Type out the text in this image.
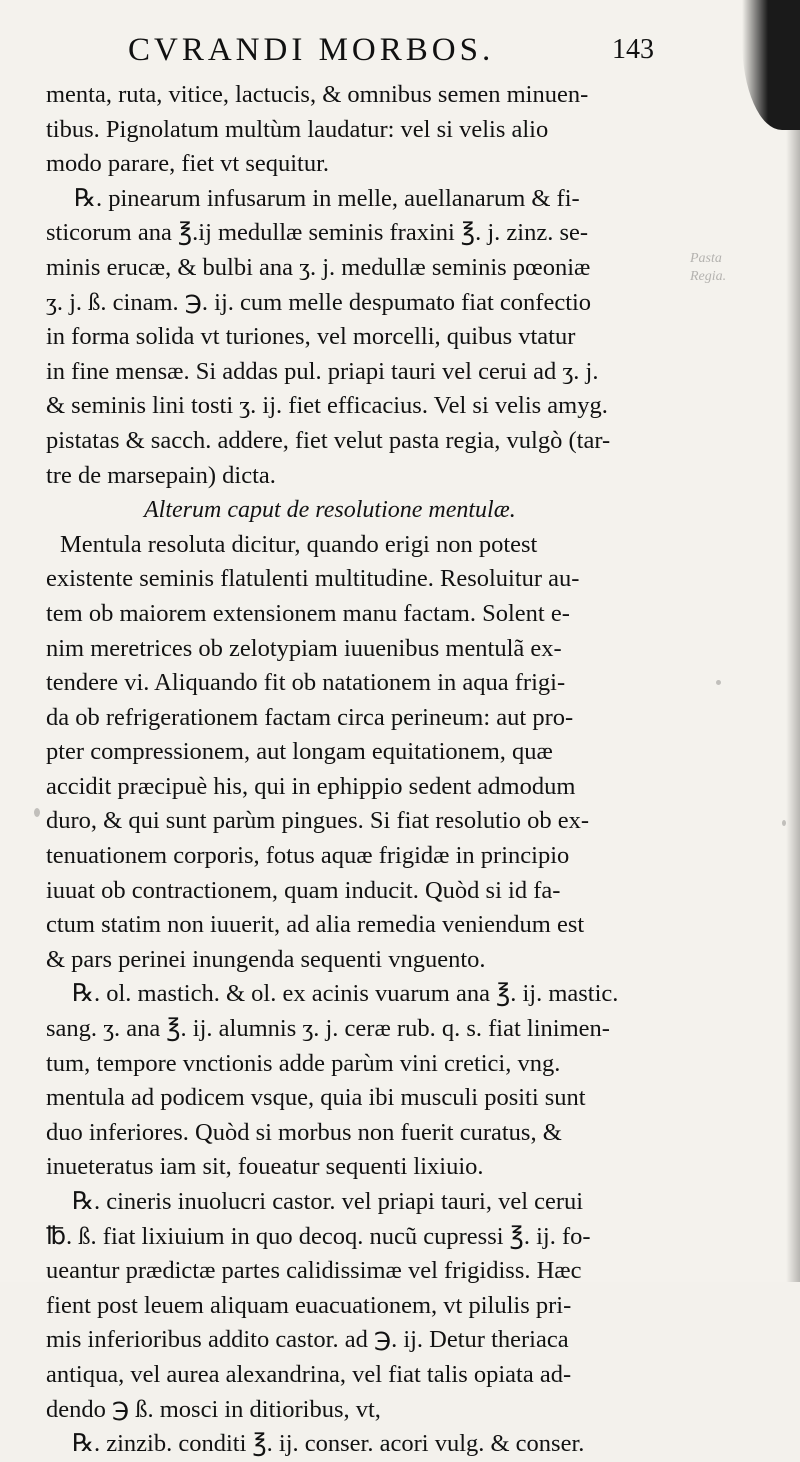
CVRANDI MORBOS.	143
Pasta
Regia.
menta, ruta, vitice, lactucis, & omnibus semen minuen-
tibus. Pignolatum multùm laudatur: vel si velis alio
modo parare, fiet vt sequitur.
℞. pinearum infusarum in melle, auellanarum & fi-
sticorum ana ℥.ij medullæ seminis fraxini ℥. j. zinz. se-
minis erucæ, & bulbi ana ʒ. j. medullæ seminis pœoniæ
ʒ. j. ß. cinam. ℈. ij. cum melle despumato fiat confectio
in forma solida vt turiones, vel morcelli, quibus vtatur
in fine mensæ. Si addas pul. priapi tauri vel cerui ad ʒ. j.
& seminis lini tosti ʒ. ij. fiet efficacius. Vel si velis amyg.
pistatas & sacch. addere, fiet velut pasta regia, vulgò (tar-
tre de marsepain) dicta.
Alterum caput de resolutione mentulæ.
Mentula resoluta dicitur, quando erigi non potest
existente seminis flatulenti multitudine. Resoluitur au-
tem ob maiorem extensionem manu factam. Solent e-
nim meretrices ob zelotypiam iuuenibus mentulã ex-
tendere vi. Aliquando fit ob natationem in aqua frigi-
da ob refrigerationem factam circa perineum: aut pro-
pter compressionem, aut longam equitationem, quæ
accidit præcipuè his, qui in ephippio sedent admodum
duro, & qui sunt parùm pingues. Si fiat resolutio ob ex-
tenuationem corporis, fotus aquæ frigidæ in principio
iuuat ob contractionem, quam inducit. Quòd si id fa-
ctum statim non iuuerit, ad alia remedia veniendum est
& pars perinei inungenda sequenti vnguento.
℞. ol. mastich. & ol. ex acinis vuarum ana ℥. ij. mastic.
sang. ʒ. ana ℥. ij. alumnis ʒ. j. ceræ rub. q. s. fiat linimen-
tum, tempore vnctionis adde parùm vini cretici, vng.
mentula ad podicem vsque, quia ibi musculi positi sunt
duo inferiores. Quòd si morbus non fuerit curatus, &
inueteratus iam sit, foueatur sequenti lixiuio.
℞. cineris inuolucri castor. vel priapi tauri, vel cerui
℔. ß. fiat lixiuium in quo decoq. nucũ cupressi ℥. ij. fo-
ueantur prædictæ partes calidissimæ vel frigidiss. Hæc
fient post leuem aliquam euacuationem, vt pilulis pri-
mis inferioribus addito castor. ad ℈. ij. Detur theriaca
antiqua, vel aurea alexandrina, vel fiat talis opiata ad-
dendo ℈ ß. mosci in ditioribus, vt,
℞. zinzib. conditi ℥. ij. conser. acori vulg. & conser.
